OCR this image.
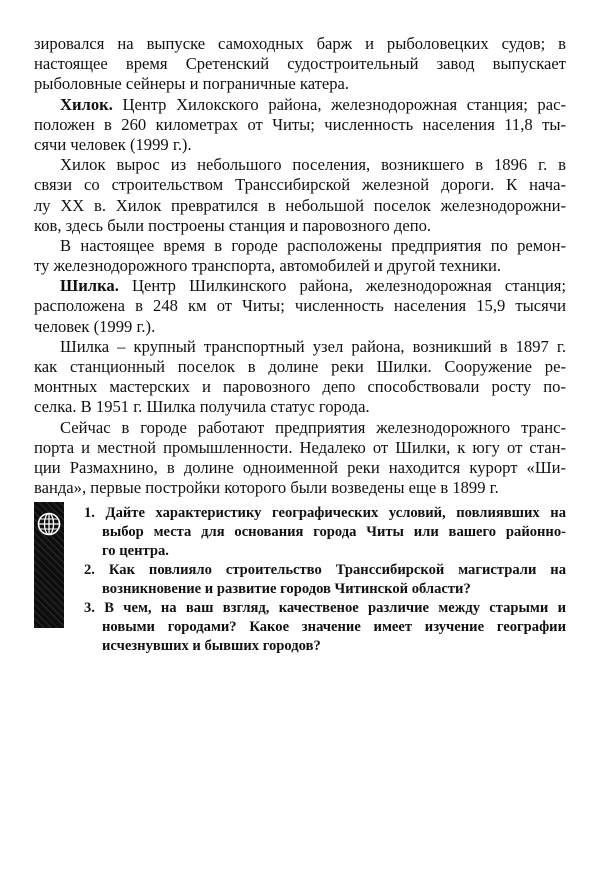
зировался на выпуске самоходных барж и рыболовецких судов; в
настоящее время Сретенский судостроительный завод выпускает
рыболовные сейнеры и пограничные катера.
Хилок. Центр Хилокского района, железнодорожная станция; рас-
положен в 260 километрах от Читы; численность населения 11,8 ты-
сячи человек (1999 г.).
Хилок вырос из небольшого поселения, возникшего в 1896 г. в
связи со строительством Транссибирской железной дороги. К нача-
лу XX в. Хилок превратился в небольшой поселок железнодорожни-
ков, здесь были построены станция и паровозного депо.
В настоящее время в городе расположены предприятия по ремон-
ту железнодорожного транспорта, автомобилей и другой техники.
Шилка. Центр Шилкинского района, железнодорожная станция;
расположена в 248 км от Читы; численность населения 15,9 тысячи
человек (1999 г.).
Шилка – крупный транспортный узел района, возникший в 1897 г.
как станционный поселок в долине реки Шилки. Сооружение ре-
монтных мастерских и паровозного депо способствовали росту по-
селка. В 1951 г. Шилка получила статус города.
Сейчас в городе работают предприятия железнодорожного транс-
порта и местной промышленности. Недалеко от Шилки, к югу от стан-
ции Размахнино, в долине одноименной реки находится курорт «Ши-
ванда», первые постройки которого были возведены еще в 1899 г.
1. Дайте характеристику географических условий, повлиявших на
выбор места для основания города Читы или вашего районно-
го центра.
2. Как повлияло строительство Транссибирской магистрали на
возникновение и развитие городов Читинской области?
3. В чем, на ваш взгляд, качественое различие между старыми и
новыми городами? Какое значение имеет изучение географии
исчезнувших и бывших городов?
